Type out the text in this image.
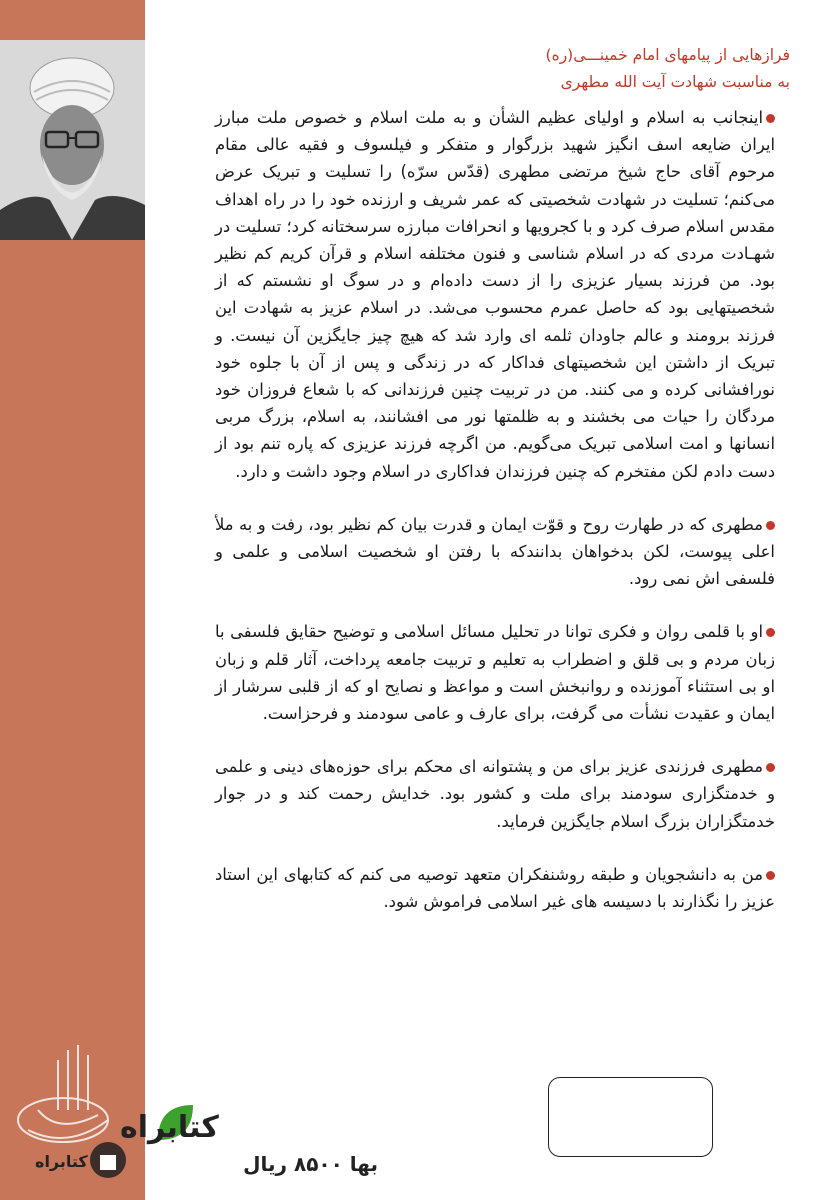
کتابراه
کتابراه
فرازهایی از پیامهای امام خمینـــی(ره)
به مناسبت شهادت آیت الله مطهری

اینجانب به اسلام و اولیای عظیم الشأن و به ملت اسلام و خصوص ملت مبارز ایران ضایعه اسف انگیز شهید بزرگوار و متفکر و فیلسوف و فقیه عالی مقام مرحوم آقای حاج شیخ مرتضی مطهری (قدّس سرّه) را تسلیت و تبریک عرض می‌کنم؛ تسلیت در شهادت شخصیتی که عمر شریف و ارزنده خود را در راه اهداف مقدس اسلام صرف کرد و با کجرویها و انحرافات مبارزه سرسختانه کرد؛ تسلیت در شهـادت مردی که در اسلام شناسی و فنون مختلفه اسلام و قرآن کریم کم نظیر بود. من فرزند بسیار عزیزی را از دست داده‌ام و در سوگ او نشستم که از شخصیتهایی بود که حاصل عمرم محسوب می‌شد. در اسلام عزیز به شهادت این فرزند برومند و عالم جاودان ثلمه ای وارد شد که هیچ چیز جایگزین آن نیست. و تبریک از داشتن این شخصیتهای فداکار که در زندگی و پس از آن با جلوه خود نورافشانی کرده و می کنند. من در تربیت چنین فرزندانی که با شعاع فروزان خود مردگان را حیات می بخشند و به ظلمتها نور می افشانند، به اسلام، بزرگ مربی انسانها و امت اسلامی تبریک می‌گویم. من اگرچه فرزند عزیزی که پاره تنم بود از دست دادم لکن مفتخرم که چنین فرزندان فداکاری در اسلام وجود داشت و دارد.

مطهری که در طهارت روح و قوّت ایمان و قدرت بیان کم نظیر بود، رفت و به ملأ اعلی پیوست، لکن بدخواهان بدانندکه با رفتن او شخصیت اسلامی و علمی و فلسفی اش نمی رود.

او با قلمی روان و فکری توانا در تحلیل مسائل اسلامی و توضیح حقایق فلسفی با زبان مردم و بی قلق و اضطراب به تعلیم و تربیت جامعه پرداخت، آثار قلم و زبان او بی استثناء آموزنده و روانبخش است و مواعظ و نصایح او که از قلبی سرشار از ایمان و عقیدت نشأت می گرفت، برای عارف و عامی سودمند و فرحزاست.

مطهری فرزندی عزیز برای من و پشتوانه ای محکم برای حوزه‌های دینی و علمی و خدمتگزاری سودمند برای ملت و کشور بود. خدایش رحمت کند و در جوار خدمتگزاران بزرگ اسلام جایگزین فرماید.

من به دانشجویان و طبقه روشنفکران متعهد توصیه می کنم که کتابهای این استاد عزیز را نگذارند با دسیسه های غیر اسلامی فراموش شود.

بها ۸۵۰۰ ریال
